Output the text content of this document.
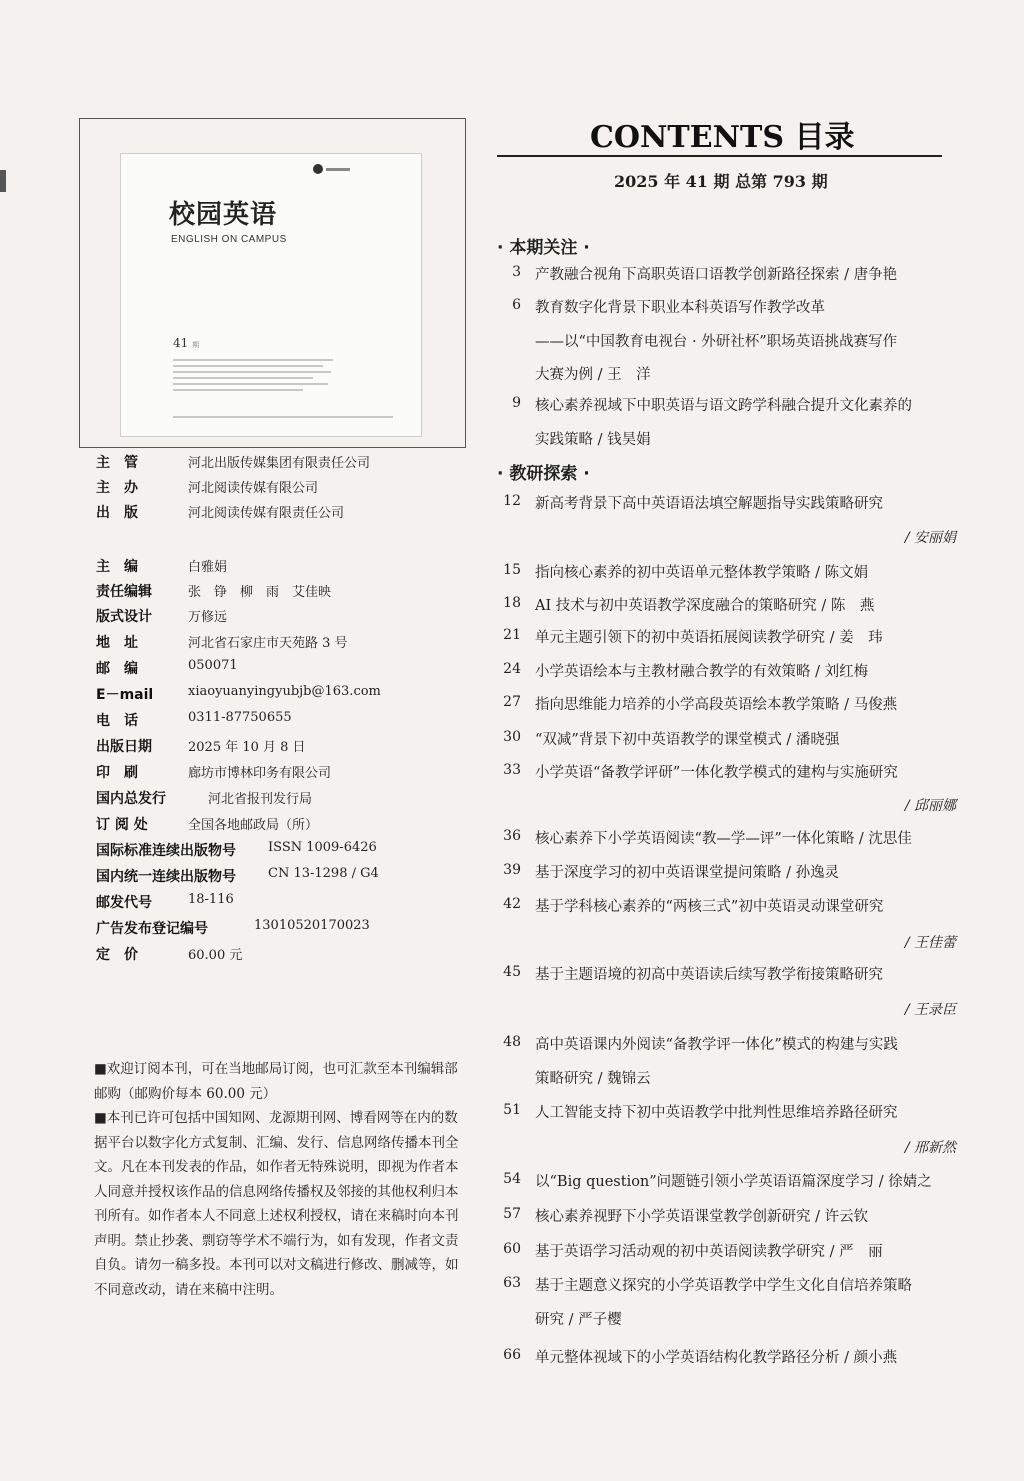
校园英语
ENGLISH ON CAMPUS
41 期
主　管	河北出版传媒集团有限责任公司
主　办	河北阅读传媒有限公司
出　版	河北阅读传媒有限责任公司
主　编	白雅娟
责任编辑	张　铮　柳　雨　艾佳映
版式设计	万修远
地　址	河北省石家庄市天苑路 3 号
邮　编	050071
E－mail	xiaoyuanyingyubjb@163.com
电　话	0311-87750655
出版日期	2025 年 10 月 8 日
印　刷	廊坊市博林印务有限公司
国内总发行	河北省报刊发行局
订 阅 处	全国各地邮政局（所）
国际标准连续出版物号 ISSN 1009-6426
国内统一连续出版物号 CN 13-1298 / G4
邮发代号	18-116
广告发布登记编号	13010520170023
定　价	60.00 元

■欢迎订阅本刊，可在当地邮局订阅，也可汇款至本刊编辑部邮购（邮购价每本 60.00 元）

■本刊已许可包括中国知网、龙源期刊网、博看网等在内的数据平台以数字化方式复制、汇编、发行、信息网络传播本刊全文。凡在本刊发表的作品，如作者无特殊说明，即视为作者本人同意并授权该作品的信息网络传播权及邻接的其他权利归本刊所有。如作者本人不同意上述权利授权，请在来稿时向本刊声明。禁止抄袭、剽窃等学术不端行为，如有发现，作者文责自负。请勿一稿多投。本刊可以对文稿进行修改、删减等，如不同意改动，请在来稿中注明。

CONTENTS 目录
2025 年 41 期 总第 793 期
· 本期关注 ·
· 教研探索 ·
3 产教融合视角下高职英语口语教学创新路径探索 / 唐争艳
6 教育数字化背景下职业本科英语写作教学改革
——以“中国教育电视台 · 外研社杯”职场英语挑战赛写作
大赛为例 / 王　洋
9 核心素养视域下中职英语与语文跨学科融合提升文化素养的
实践策略 / 钱昊娟
12 新高考背景下高中英语语法填空解题指导实践策略研究
/ 安丽娟
15 指向核心素养的初中英语单元整体教学策略 / 陈文娟
18 AI 技术与初中英语教学深度融合的策略研究 / 陈　燕
21 单元主题引领下的初中英语拓展阅读教学研究 / 姜　玮
24 小学英语绘本与主教材融合教学的有效策略 / 刘红梅
27 指向思维能力培养的小学高段英语绘本教学策略 / 马俊燕
30 “双减”背景下初中英语教学的课堂模式 / 潘晓强
33 小学英语“备教学评研”一体化教学模式的建构与实施研究
/ 邱丽娜
36 核心素养下小学英语阅读“教—学—评”一体化策略 / 沈思佳
39 基于深度学习的初中英语课堂提问策略 / 孙逸灵
42 基于学科核心素养的“两核三式”初中英语灵动课堂研究
/ 王佳蕾
45 基于主题语境的初高中英语读后续写教学衔接策略研究
/ 王录臣
48 高中英语课内外阅读“备教学评一体化”模式的构建与实践
策略研究 / 魏锦云
51 人工智能支持下初中英语教学中批判性思维培养路径研究
/ 邢新然
54 以“Big question”问题链引领小学英语语篇深度学习 / 徐婧之
57 核心素养视野下小学英语课堂教学创新研究 / 许云钦
60 基于英语学习活动观的初中英语阅读教学研究 / 严　丽
63 基于主题意义探究的小学英语教学中学生文化自信培养策略
研究 / 严子樱
66 单元整体视域下的小学英语结构化教学路径分析 / 颜小燕
